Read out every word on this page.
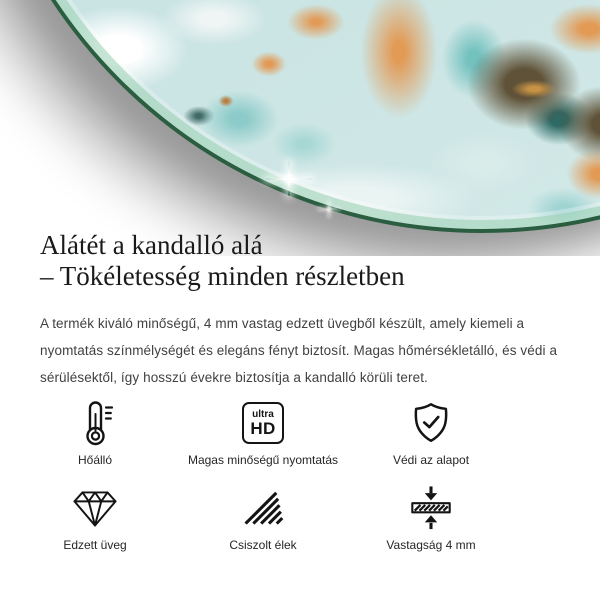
Alátét a kandalló alá
– Tökéletesség minden részletben
A termék kiváló minőségű, 4 mm vastag edzett üvegből készült, amely kiemeli a nyomtatás színmélységét és elegáns fényt biztosít. Magas hőmérsékletálló, és védi a sérülésektől, így hosszú évekre biztosítja a kandalló körüli teret.
Hőálló
ultra
HD
Magas minőségű nyomtatás	Védi az alapot
Edzett üveg	Csiszolt élek	Vastagság 4 mm
